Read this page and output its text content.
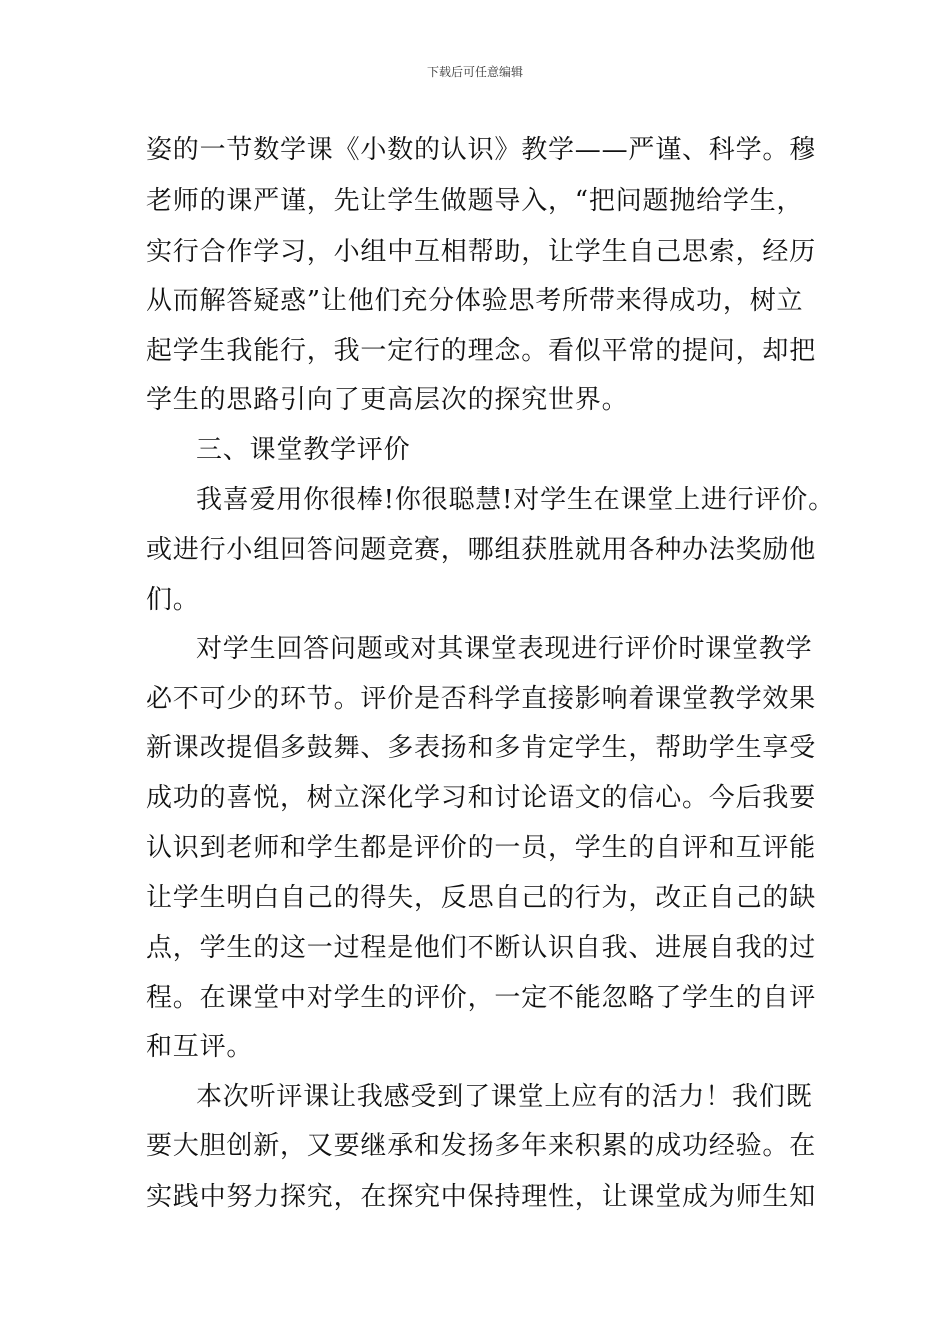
下载后可任意编辑
姿的一节数学课《小数的认识》教学——严谨、科学。穆
老师的课严谨，先让学生做题导入，“把问题抛给学生，
实行合作学习，小组中互相帮助，让学生自己思索，经历
从而解答疑惑”让他们充分体验思考所带来得成功，树立
起学生我能行，我一定行的理念。看似平常的提问，却把
学生的思路引向了更高层次的探究世界。
三、课堂教学评价
我喜爱用你很棒!你很聪慧!对学生在课堂上进行评价。
或进行小组回答问题竞赛，哪组获胜就用各种办法奖励他
们。
对学生回答问题或对其课堂表现进行评价时课堂教学
必不可少的环节。评价是否科学直接影响着课堂教学效果
新课改提倡多鼓舞、多表扬和多肯定学生，帮助学生享受
成功的喜悦，树立深化学习和讨论语文的信心。今后我要
认识到老师和学生都是评价的一员，学生的自评和互评能
让学生明白自己的得失，反思自己的行为，改正自己的缺
点，学生的这一过程是他们不断认识自我、进展自我的过
程。在课堂中对学生的评价，一定不能忽略了学生的自评
和互评。
本次听评课让我感受到了课堂上应有的活力！我们既
要大胆创新，又要继承和发扬多年来积累的成功经验。在
实践中努力探究，在探究中保持理性，让课堂成为师生知
